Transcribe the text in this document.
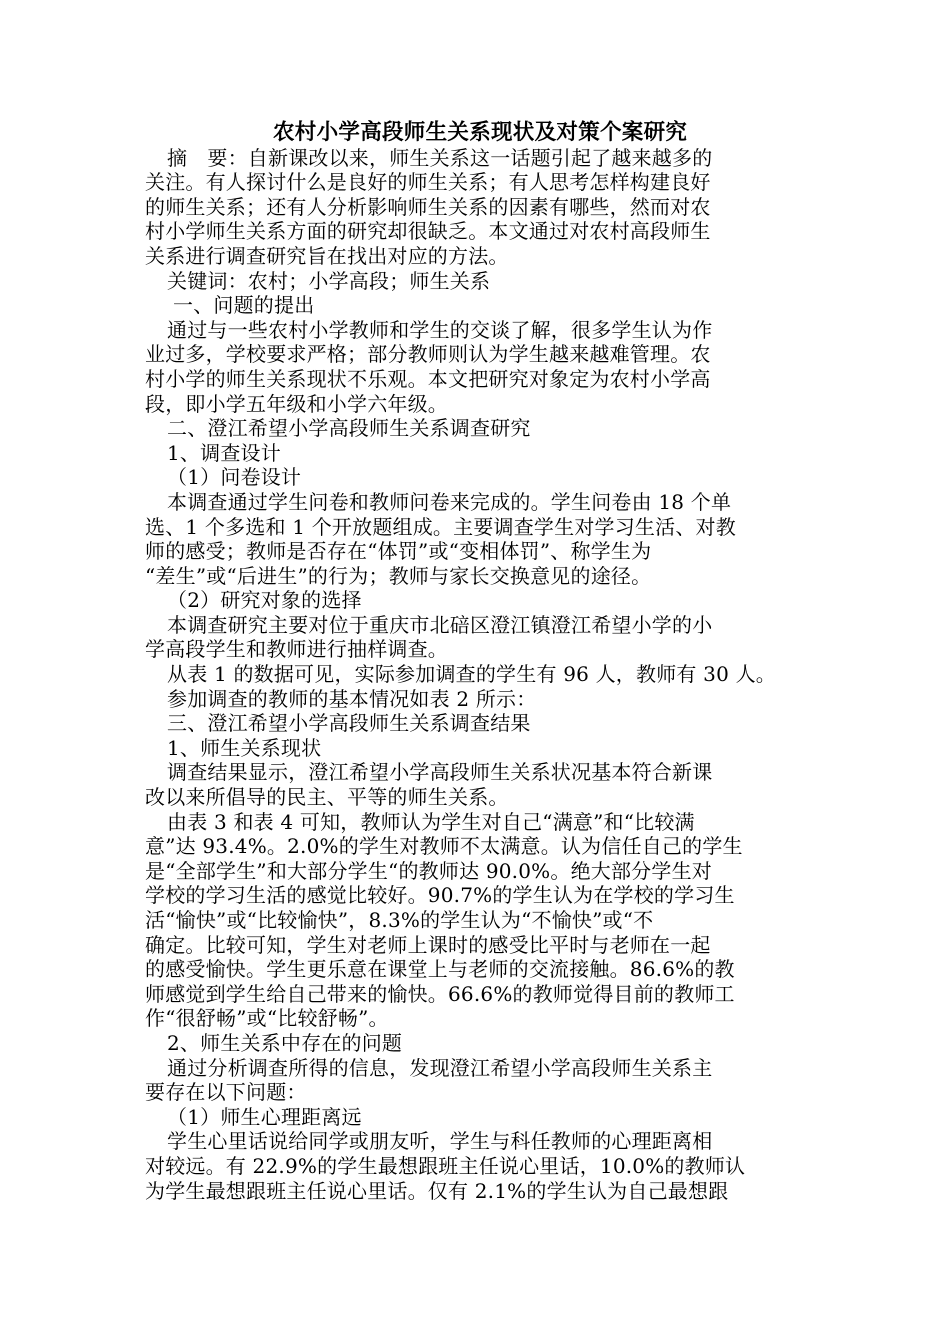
农村小学高段师生关系现状及对策个案研究

摘　要：自新课改以来，师生关系这一话题引起了越来越多的

关注。有人探讨什么是良好的师生关系；有人思考怎样构建良好

的师生关系；还有人分析影响师生关系的因素有哪些，然而对农

村小学师生关系方面的研究却很缺乏。本文通过对农村高段师生

关系进行调查研究旨在找出对应的方法。

关键词：农村；小学高段；师生关系

一、问题的提出

通过与一些农村小学教师和学生的交谈了解，很多学生认为作

业过多，学校要求严格；部分教师则认为学生越来越难管理。农

村小学的师生关系现状不乐观。本文把研究对象定为农村小学高

段，即小学五年级和小学六年级。

二、澄江希望小学高段师生关系调查研究

1、调查设计

（1）问卷设计

本调查通过学生问卷和教师问卷来完成的。学生问卷由 18 个单

选、1 个多选和 1 个开放题组成。主要调查学生对学习生活、对教

师的感受；教师是否存在“体罚”或“变相体罚”、称学生为

“差生”或“后进生”的行为；教师与家长交换意见的途径。

（2）研究对象的选择

本调查研究主要对位于重庆市北碚区澄江镇澄江希望小学的小

学高段学生和教师进行抽样调查。

从表 1 的数据可见，实际参加调查的学生有 96 人，教师有 30 人。

参加调查的教师的基本情况如表 2 所示：

三、澄江希望小学高段师生关系调查结果

1、师生关系现状

调查结果显示，澄江希望小学高段师生关系状况基本符合新课

改以来所倡导的民主、平等的师生关系。

由表 3 和表 4 可知，教师认为学生对自己“满意”和“比较满

意”达 93.4%。2.0%的学生对教师不太满意。认为信任自己的学生

是“全部学生”和大部分学生“的教师达 90.0%。绝大部分学生对

学校的学习生活的感觉比较好。90.7%的学生认为在学校的学习生

活“愉快”或“比较愉快”，8.3%的学生认为“不愉快”或“不

确定。比较可知，学生对老师上课时的感受比平时与老师在一起

的感受愉快。学生更乐意在课堂上与老师的交流接触。86.6%的教

师感觉到学生给自己带来的愉快。66.6%的教师觉得目前的教师工

作“很舒畅”或“比较舒畅”。

2、师生关系中存在的问题

通过分析调查所得的信息，发现澄江希望小学高段师生关系主

要存在以下问题：

（1）师生心理距离远

学生心里话说给同学或朋友听，学生与科任教师的心理距离相

对较远。有 22.9%的学生最想跟班主任说心里话，10.0%的教师认

为学生最想跟班主任说心里话。仅有 2.1%的学生认为自己最想跟
